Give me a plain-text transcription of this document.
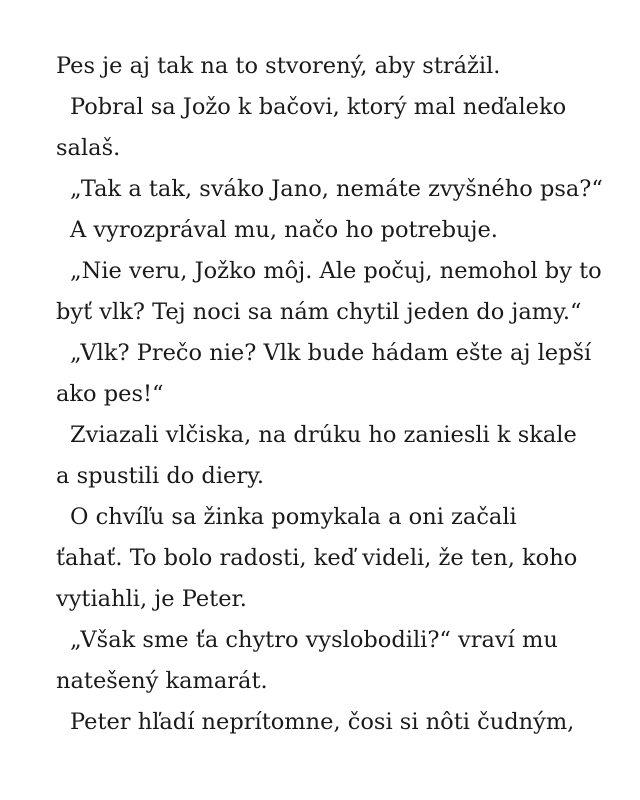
Pes je aj tak na to stvorený, aby strážil.
Pobral sa Jožo k bačovi, ktorý mal neďaleko
salaš.
„Tak a tak, sváko Jano, nemáte zvyšného psa?“
A vyrozprával mu, načo ho potrebuje.
„Nie veru, Jožko môj. Ale počuj, nemohol by to
byť vlk? Tej noci sa nám chytil jeden do jamy.“
„Vlk? Prečo nie? Vlk bude hádam ešte aj lepší
ako pes!“
Zviazali vlčiska, na drúku ho zaniesli k skale
a spustili do diery.
O chvíľu sa žinka pomykala a oni začali
ťahať. To bolo radosti, keď videli, že ten, koho
vytiahli, je Peter.
„Však sme ťa chytro vyslobodili?“ vraví mu
natešený kamarát.
Peter hľadí neprítomne, čosi si nôti čudným,
